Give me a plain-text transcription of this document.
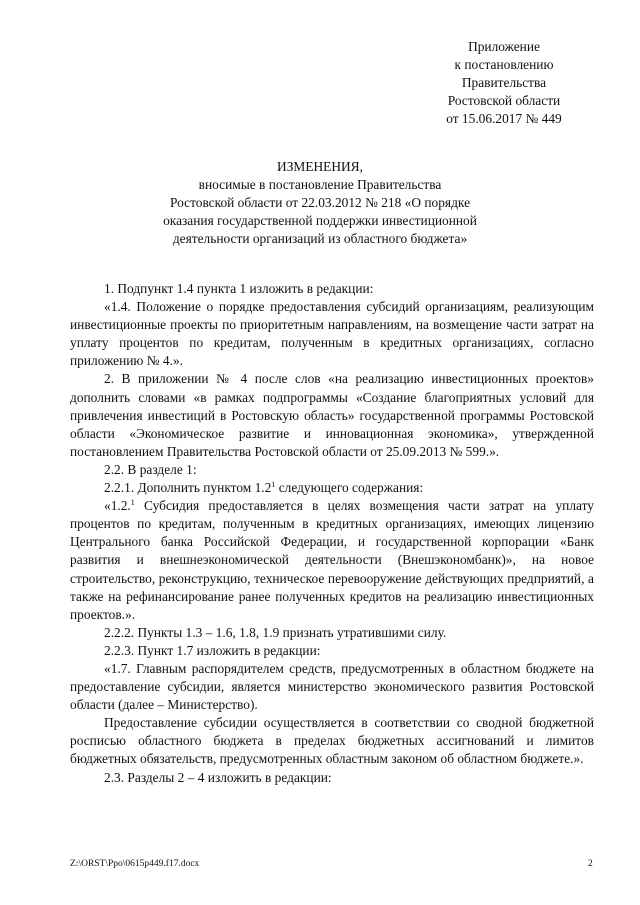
Приложение
к постановлению
Правительства
Ростовской области
от 15.06.2017 № 449
ИЗМЕНЕНИЯ,
вносимые в постановление Правительства
Ростовской области от 22.03.2012 № 218 «О порядке
оказания государственной поддержки инвестиционной
деятельности организаций из областного бюджета»

1. Подпункт 1.4 пункта 1 изложить в редакции:

«1.4. Положение о порядке предоставления субсидий организациям, реализующим инвестиционные проекты по приоритетным направлениям, на возмещение части затрат на уплату процентов по кредитам, полученным в кредитных организациях, согласно приложению № 4.».

2. В приложении № 4 после слов «на реализацию инвестиционных проектов» дополнить словами «в рамках подпрограммы «Создание благоприятных условий для привлечения инвестиций в Ростовскую область» государственной программы Ростовской области «Экономическое развитие и инновационная экономика», утвержденной постановлением Правительства Ростовской области от 25.09.2013 № 599.».

2.2. В разделе 1:

2.2.1. Дополнить пунктом $1.2^1$ следующего содержания:

«1.2.$^1$ Субсидия предоставляется в целях возмещения части затрат на уплату процентов по кредитам, полученным в кредитных организациях, имеющих лицензию Центрального банка Российской Федерации, и государственной корпорации «Банк развития и внешнеэкономической деятельности (Внешэкономбанк)», на новое строительство, реконструкцию, техническое перевооружение действующих предприятий, а также на рефинансирование ранее полученных кредитов на реализацию инвестиционных проектов.».

2.2.2. Пункты 1.3 – 1.6, 1.8, 1.9 признать утратившими силу.

2.2.3. Пункт 1.7 изложить в редакции:

«1.7. Главным распорядителем средств, предусмотренных в областном бюджете на предоставление субсидии, является министерство экономического развития Ростовской области (далее – Министерство).

Предоставление субсидии осуществляется в соответствии со сводной бюджетной росписью областного бюджета в пределах бюджетных ассигнований и лимитов бюджетных обязательств, предусмотренных областным законом об областном бюджете.».

2.3. Разделы 2 – 4 изложить в редакции:

Z:\ORST\Ppo\0615p449.f17.docx	2
